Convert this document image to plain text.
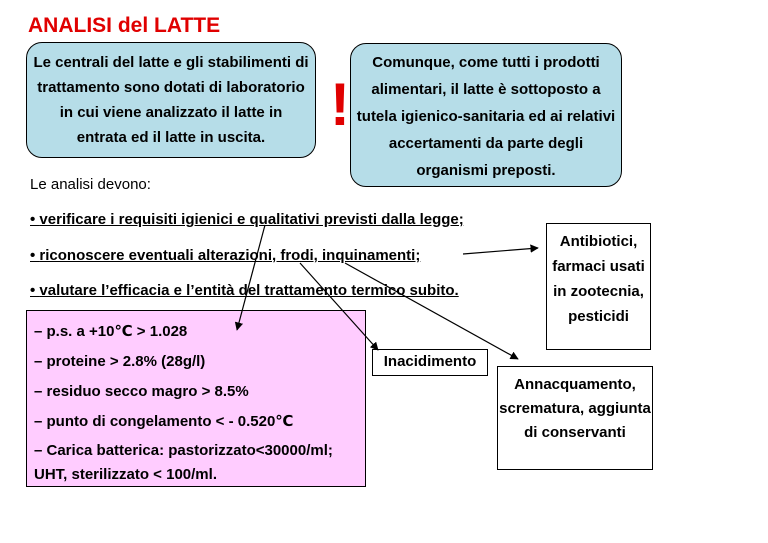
ANALISI del LATTE
Le centrali del latte e gli stabilimenti di trattamento sono dotati di laboratorio in cui viene analizzato il latte in entrata ed il latte in uscita.	!
Comunque, come tutti i prodotti alimentari, il latte è sottoposto a tutela igienico-sanitaria ed ai relativi accertamenti da parte degli organismi preposti.
Le analisi devono:
• verificare i requisiti igienici e qualitativi previsti dalla legge;
• riconoscere eventuali alterazioni, frodi, inquinamenti;
• valutare l’efficacia e l’entità del trattamento termico subito.
– p.s. a +10℃ > 1.028
– proteine > 2.8% (28g/l)
– residuo secco magro > 8.5%
– punto di congelamento < - 0.520℃
– Carica batterica: pastorizzato<30000/ml; UHT, sterilizzato < 100/ml.
Antibiotici, farmaci usati in zootecnia, pesticidi
Inacidimento
Annacquamento, scrematura, aggiunta di conservanti
